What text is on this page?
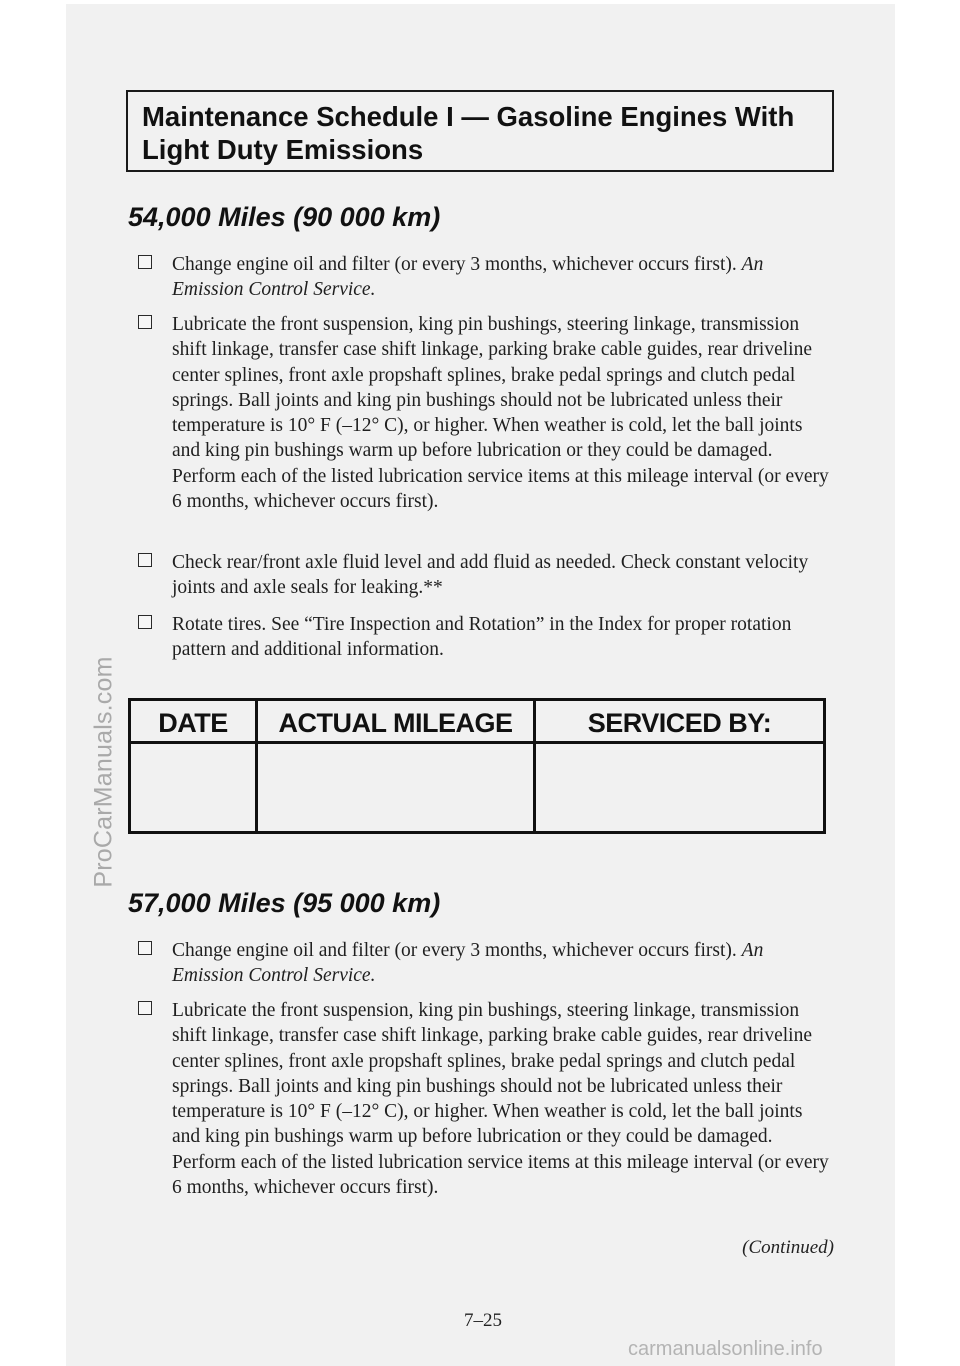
ProCarManuals.com
Maintenance Schedule I — Gasoline Engines With Light Duty Emissions
54,000 Miles (90 000 km)
Change engine oil and filter (or every 3 months, whichever occurs first). An Emission Control Service.
Lubricate the front suspension, king pin bushings, steering linkage, transmission shift linkage, transfer case shift linkage, parking brake cable guides, rear driveline center splines, front axle propshaft splines, brake pedal springs and clutch pedal springs. Ball joints and king pin bushings should not be lubricated unless their temperature is 10° F (–12° C), or higher. When weather is cold, let the ball joints and king pin bushings warm up before lubrication or they could be damaged. Perform each of the listed lubrication service items at this mileage interval (or every 6 months, whichever occurs first).
Check rear/front axle fluid level and add fluid as needed. Check constant velocity joints and axle seals for leaking.**
Rotate tires. See “Tire Inspection and Rotation” in the Index for proper rotation pattern and additional information.
DATE	ACTUAL MILEAGE	SERVICED BY:
57,000 Miles (95 000 km)
Change engine oil and filter (or every 3 months, whichever occurs first). An Emission Control Service.
Lubricate the front suspension, king pin bushings, steering linkage, transmission shift linkage, transfer case shift linkage, parking brake cable guides, rear driveline center splines, front axle propshaft splines, brake pedal springs and clutch pedal springs. Ball joints and king pin bushings should not be lubricated unless their temperature is 10° F (–12° C), or higher. When weather is cold, let the ball joints and king pin bushings warm up before lubrication or they could be damaged. Perform each of the listed lubrication service items at this mileage interval (or every 6 months, whichever occurs first).
(Continued)
7–25
carmanualsonline.info
